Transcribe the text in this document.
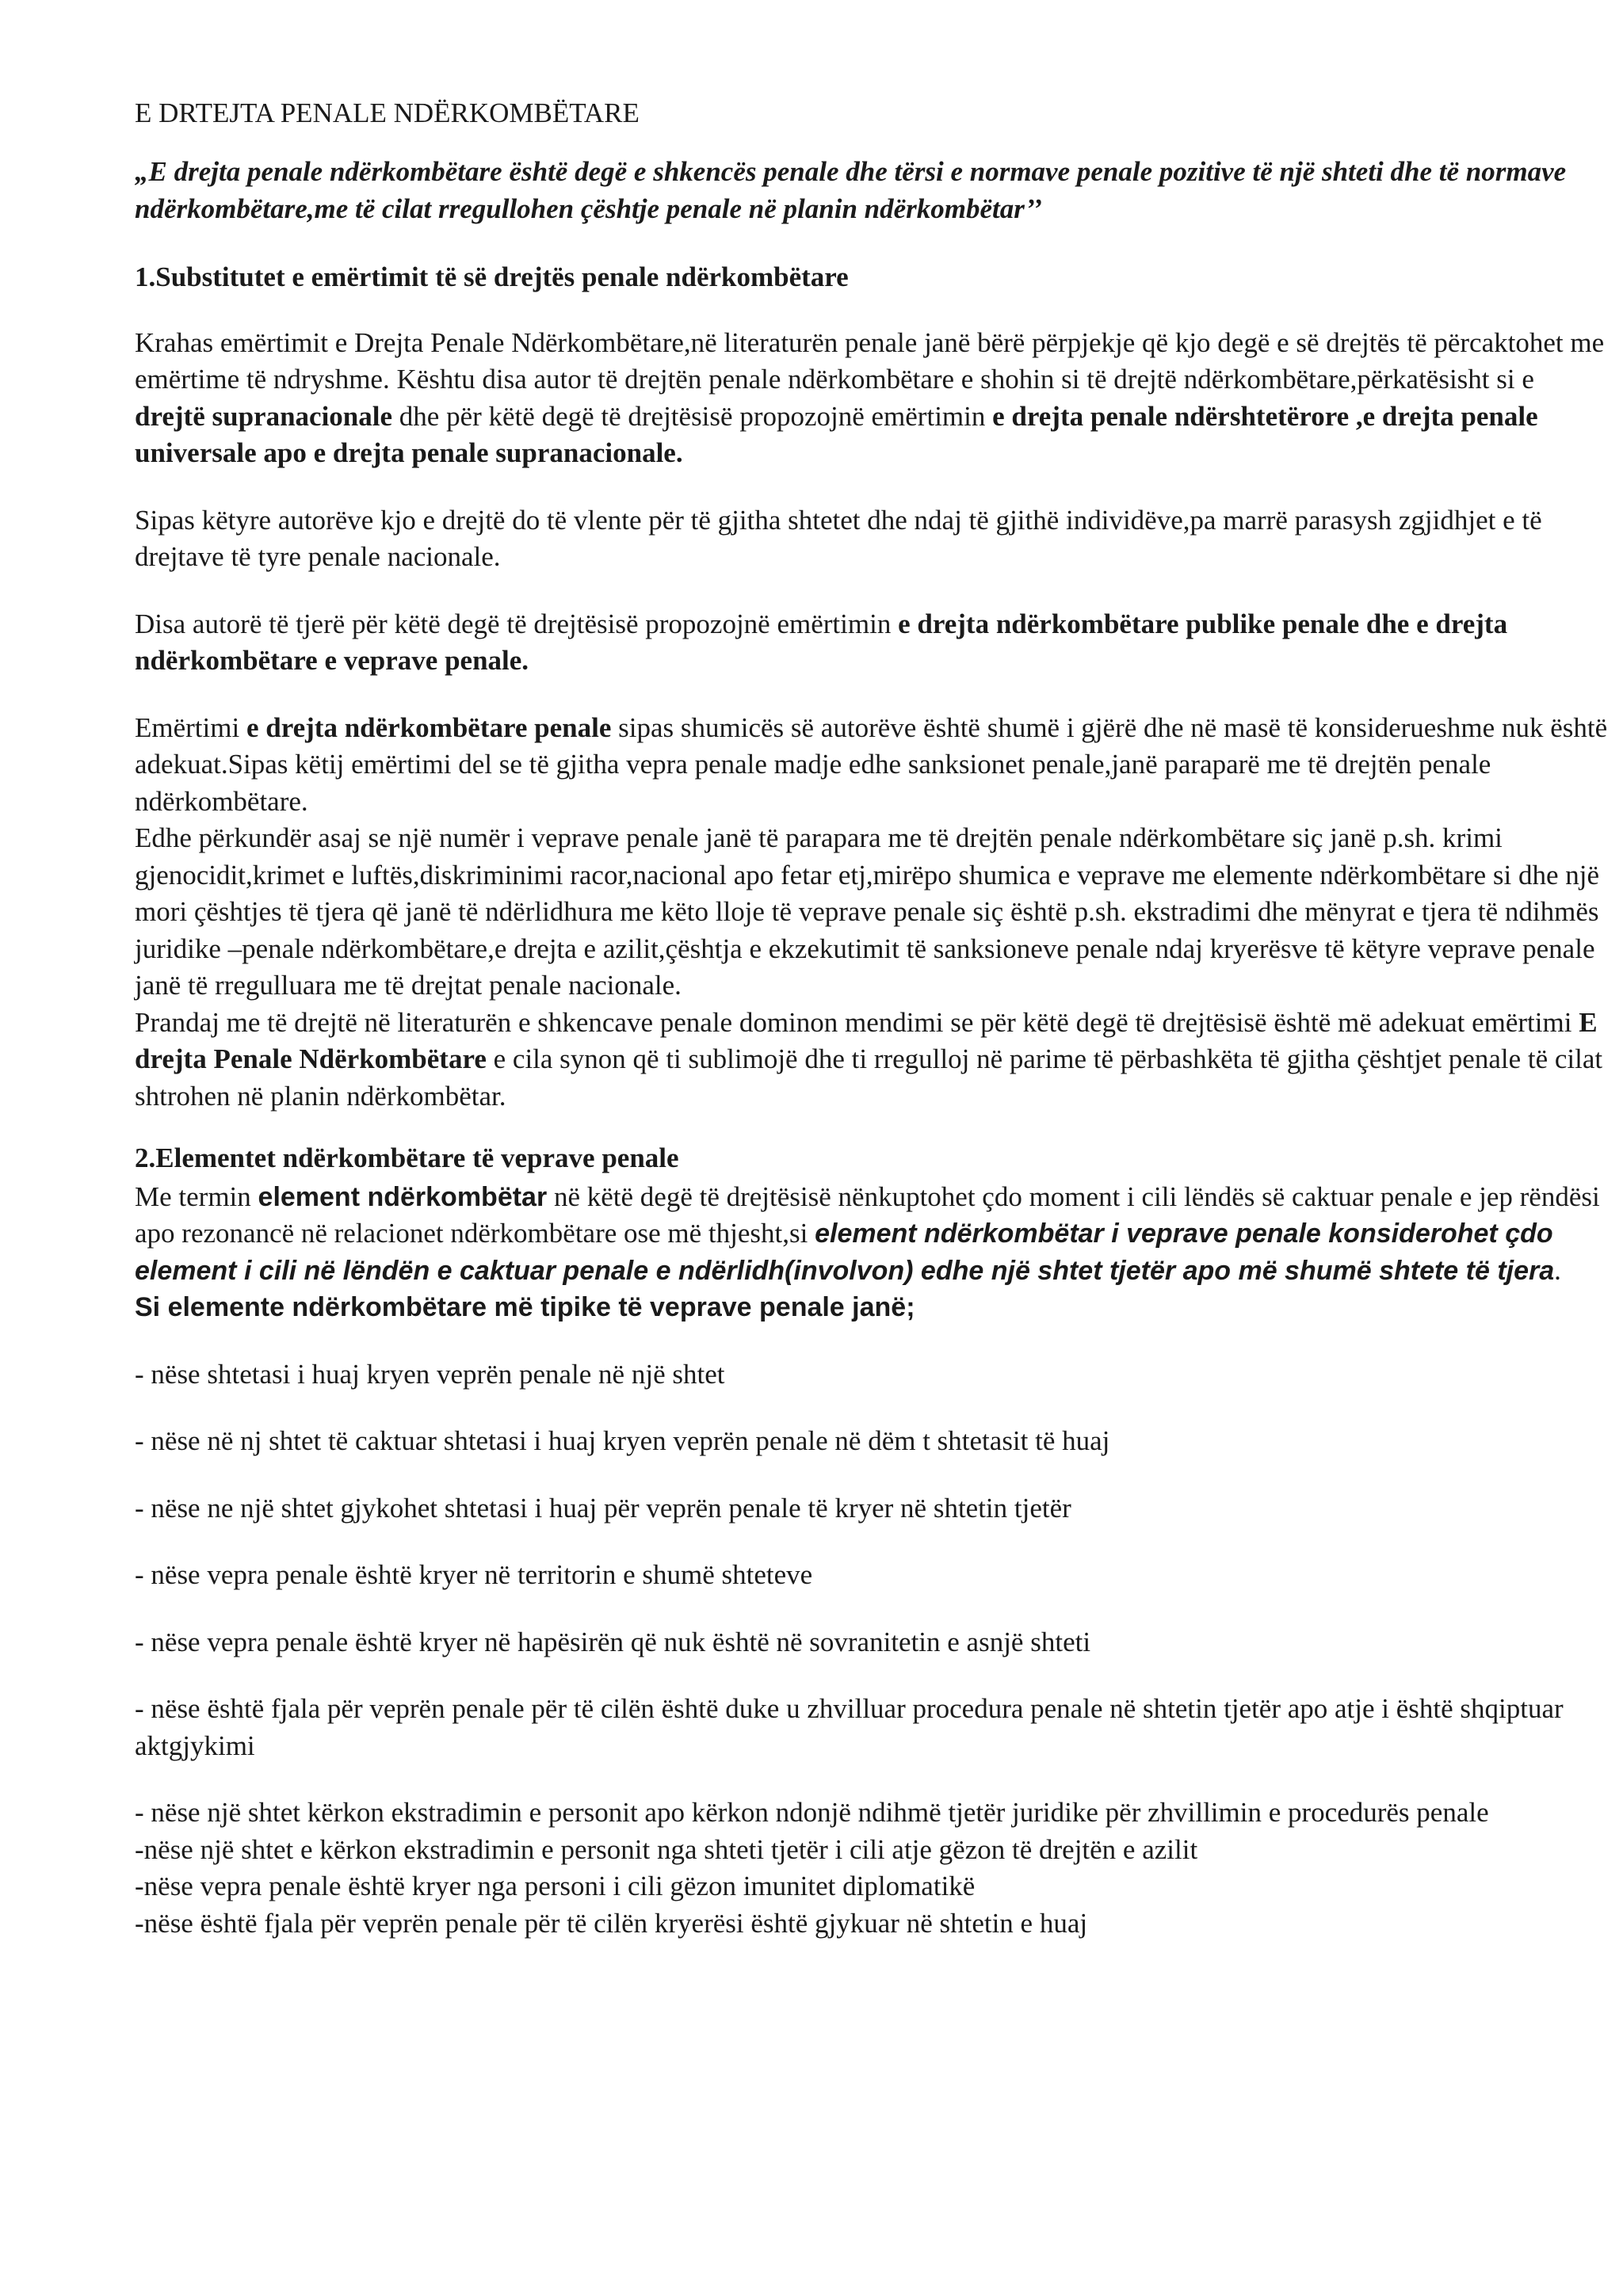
E DRTEJTA PENALE NDËRKOMBËTARE

„E drejta penale ndërkombëtare është degë e shkencës penale dhe tërsi e normave penale pozitive të një shteti dhe të normave ndërkombëtare,me të cilat rregullohen çështje penale në planin ndërkombëtar’’

1.Substitutet e emërtimit të së drejtës penale ndërkombëtare

Krahas emërtimit e Drejta Penale Ndërkombëtare,në literaturën penale janë bërë përpjekje që kjo degë e së drejtës të përcaktohet me emërtime të ndryshme. Kështu disa autor të drejtën penale ndërkombëtare e shohin si të drejtë ndërkombëtare,përkatësisht si e drejtë supranacionale dhe për këtë degë të drejtësisë propozojnë emërtimin e drejta penale ndërshtetërore ,e drejta penale universale apo e drejta penale supranacionale.

Sipas këtyre autorëve kjo e drejtë do të vlente për të gjitha shtetet dhe ndaj të gjithë individëve,pa marrë parasysh zgjidhjet e të drejtave të tyre penale nacionale.

Disa autorë të tjerë për këtë degë të drejtësisë propozojnë emërtimin e drejta ndërkombëtare publike penale dhe e drejta ndërkombëtare e veprave penale.

Emërtimi e drejta ndërkombëtare penale sipas shumicës së autorëve është shumë i gjërë dhe në masë të konsiderueshme nuk është adekuat.Sipas këtij emërtimi del se të gjitha vepra penale madje edhe sanksionet penale,janë paraparë me të drejtën penale ndërkombëtare.

Edhe përkundër asaj se një numër i veprave penale janë të parapara me të drejtën penale ndërkombëtare siç janë p.sh. krimi gjenocidit,krimet e luftës,diskriminimi racor,nacional apo fetar etj,mirëpo shumica e veprave me elemente ndërkombëtare si dhe një mori çështjes të tjera që janë të ndërlidhura me këto lloje të veprave penale siç është p.sh. ekstradimi dhe mënyrat e tjera të ndihmës juridike –penale ndërkombëtare,e drejta e azilit,çështja e ekzekutimit të sanksioneve penale ndaj kryerësve të këtyre veprave penale janë të rregulluara me të drejtat penale nacionale.

Prandaj me të drejtë në literaturën e shkencave penale dominon mendimi se për këtë degë të drejtësisë është më adekuat emërtimi E drejta Penale Ndërkombëtare e cila synon që ti sublimojë dhe ti rregulloj në parime të përbashkëta të gjitha çështjet penale të cilat shtrohen në planin ndërkombëtar.

2.Elementet ndërkombëtare të veprave penale

Me termin element ndërkombëtar në këtë degë të drejtësisë nënkuptohet çdo moment i cili lëndës së caktuar penale e jep rëndësi apo rezonancë në relacionet ndërkombëtare ose më thjesht,si element ndërkombëtar i veprave penale konsiderohet çdo element i cili në lëndën e caktuar penale e ndërlidh(involvon) edhe një shtet tjetër apo më shumë shtete të tjera.

Si elemente ndërkombëtare më tipike të veprave penale janë;

- nëse shtetasi i huaj kryen veprën penale në një shtet

- nëse në nj shtet të caktuar shtetasi i huaj kryen veprën penale në dëm t shtetasit të huaj

- nëse ne një shtet gjykohet shtetasi i huaj për veprën penale të kryer në shtetin tjetër

- nëse vepra penale është kryer në territorin e shumë shteteve

- nëse vepra penale është kryer në hapësirën që nuk është në sovranitetin e asnjë shteti

- nëse është fjala për veprën penale për të cilën është duke u zhvilluar procedura penale në shtetin tjetër apo atje i është shqiptuar aktgjykimi

- nëse një shtet kërkon ekstradimin e personit apo kërkon ndonjë ndihmë tjetër juridike për zhvillimin e procedurës penale

-nëse një shtet e kërkon ekstradimin e personit nga shteti tjetër i cili atje gëzon të drejtën e azilit

-nëse vepra penale është kryer nga personi i cili gëzon imunitet diplomatikë

-nëse është fjala për veprën penale për të cilën kryerësi është gjykuar në shtetin e huaj
